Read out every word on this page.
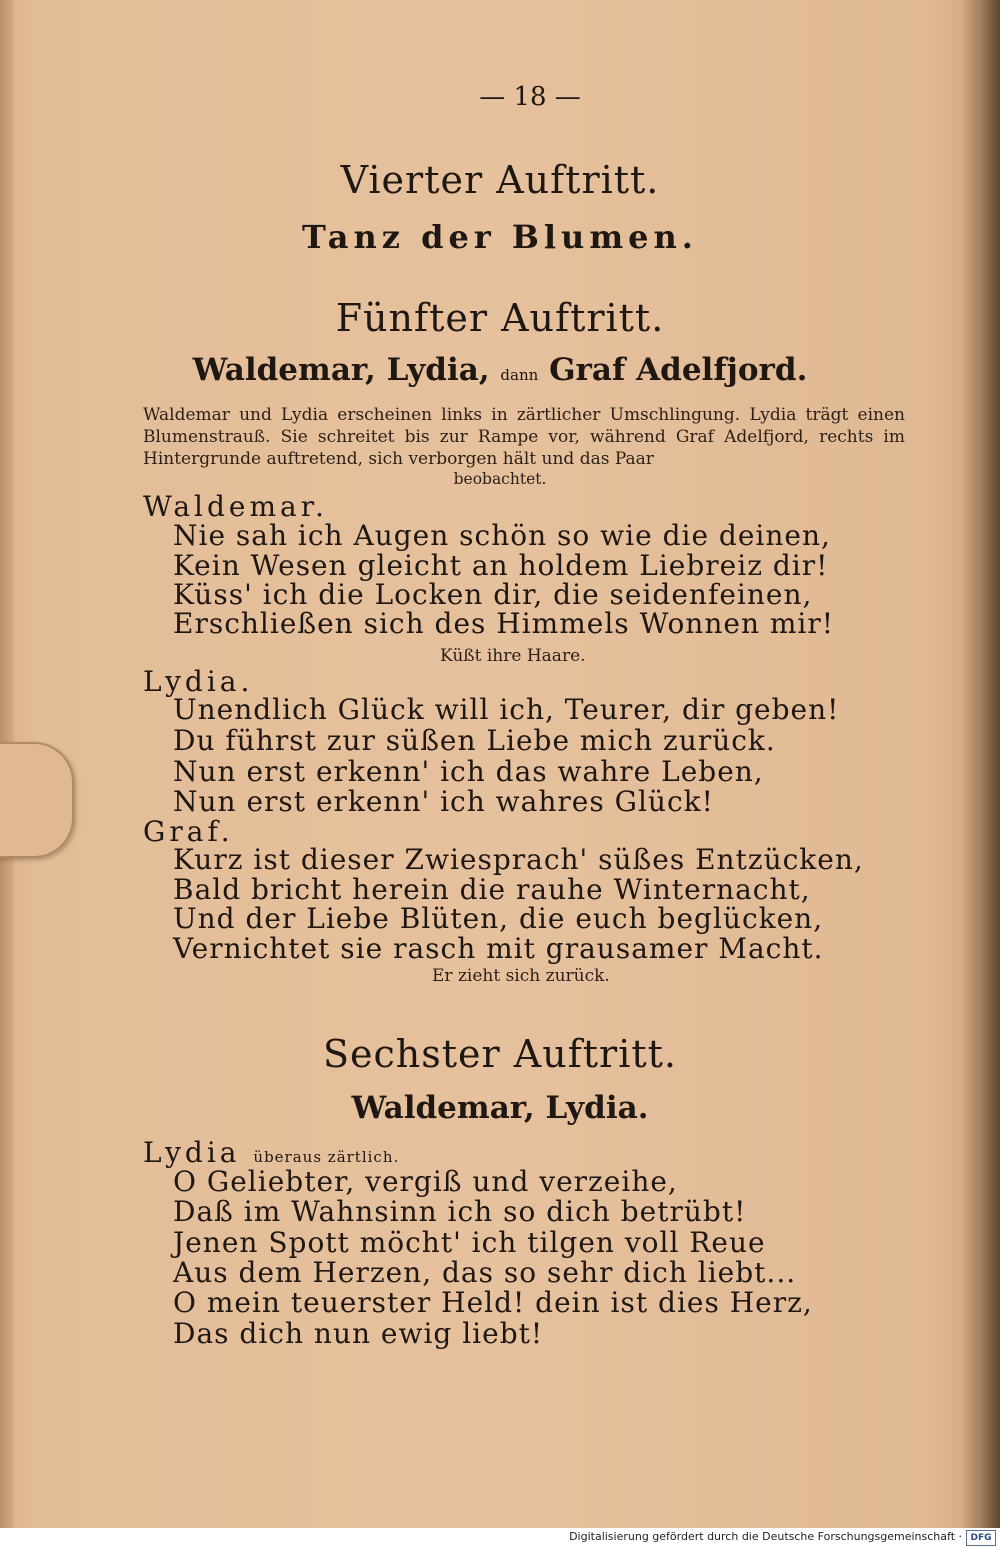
— 18 —
Vierter Auftritt.
Tanz der Blumen.
Fünfter Auftritt.
Waldemar, Lydia, dann Graf Adelfjord.
Waldemar und Lydia erscheinen links in zärtlicher Umschlingung. Lydia trägt einen Blumenstrauß. Sie schreitet bis zur Rampe vor, während Graf Adelfjord, rechts im Hintergrunde auftretend, sich verborgen hält und das Paar
beobachtet.
Waldemar.
Nie sah ich Augen schön so wie die deinen,
Kein Wesen gleicht an holdem Liebreiz dir!
Küss' ich die Locken dir, die seidenfeinen,
Erschließen sich des Himmels Wonnen mir!
Küßt ihre Haare.
Lydia.
Unendlich Glück will ich, Teurer, dir geben!
Du führst zur süßen Liebe mich zurück.
Nun erst erkenn' ich das wahre Leben,
Nun erst erkenn' ich wahres Glück!
Graf.
Kurz ist dieser Zwiesprach' süßes Entzücken,
Bald bricht herein die rauhe Winternacht,
Und der Liebe Blüten, die euch beglücken,
Vernichtet sie rasch mit grausamer Macht.
Er zieht sich zurück.
Sechster Auftritt.
Waldemar, Lydia.
Lydia überaus zärtlich.
O Geliebter, vergiß und verzeihe,
Daß im Wahnsinn ich so dich betrübt!
Jenen Spott möcht' ich tilgen voll Reue
Aus dem Herzen, das so sehr dich liebt...
O mein teuerster Held! dein ist dies Herz,
Das dich nun ewig liebt!
Digitalisierung gefördert durch die Deutsche Forschungsgemeinschaft · DFG
